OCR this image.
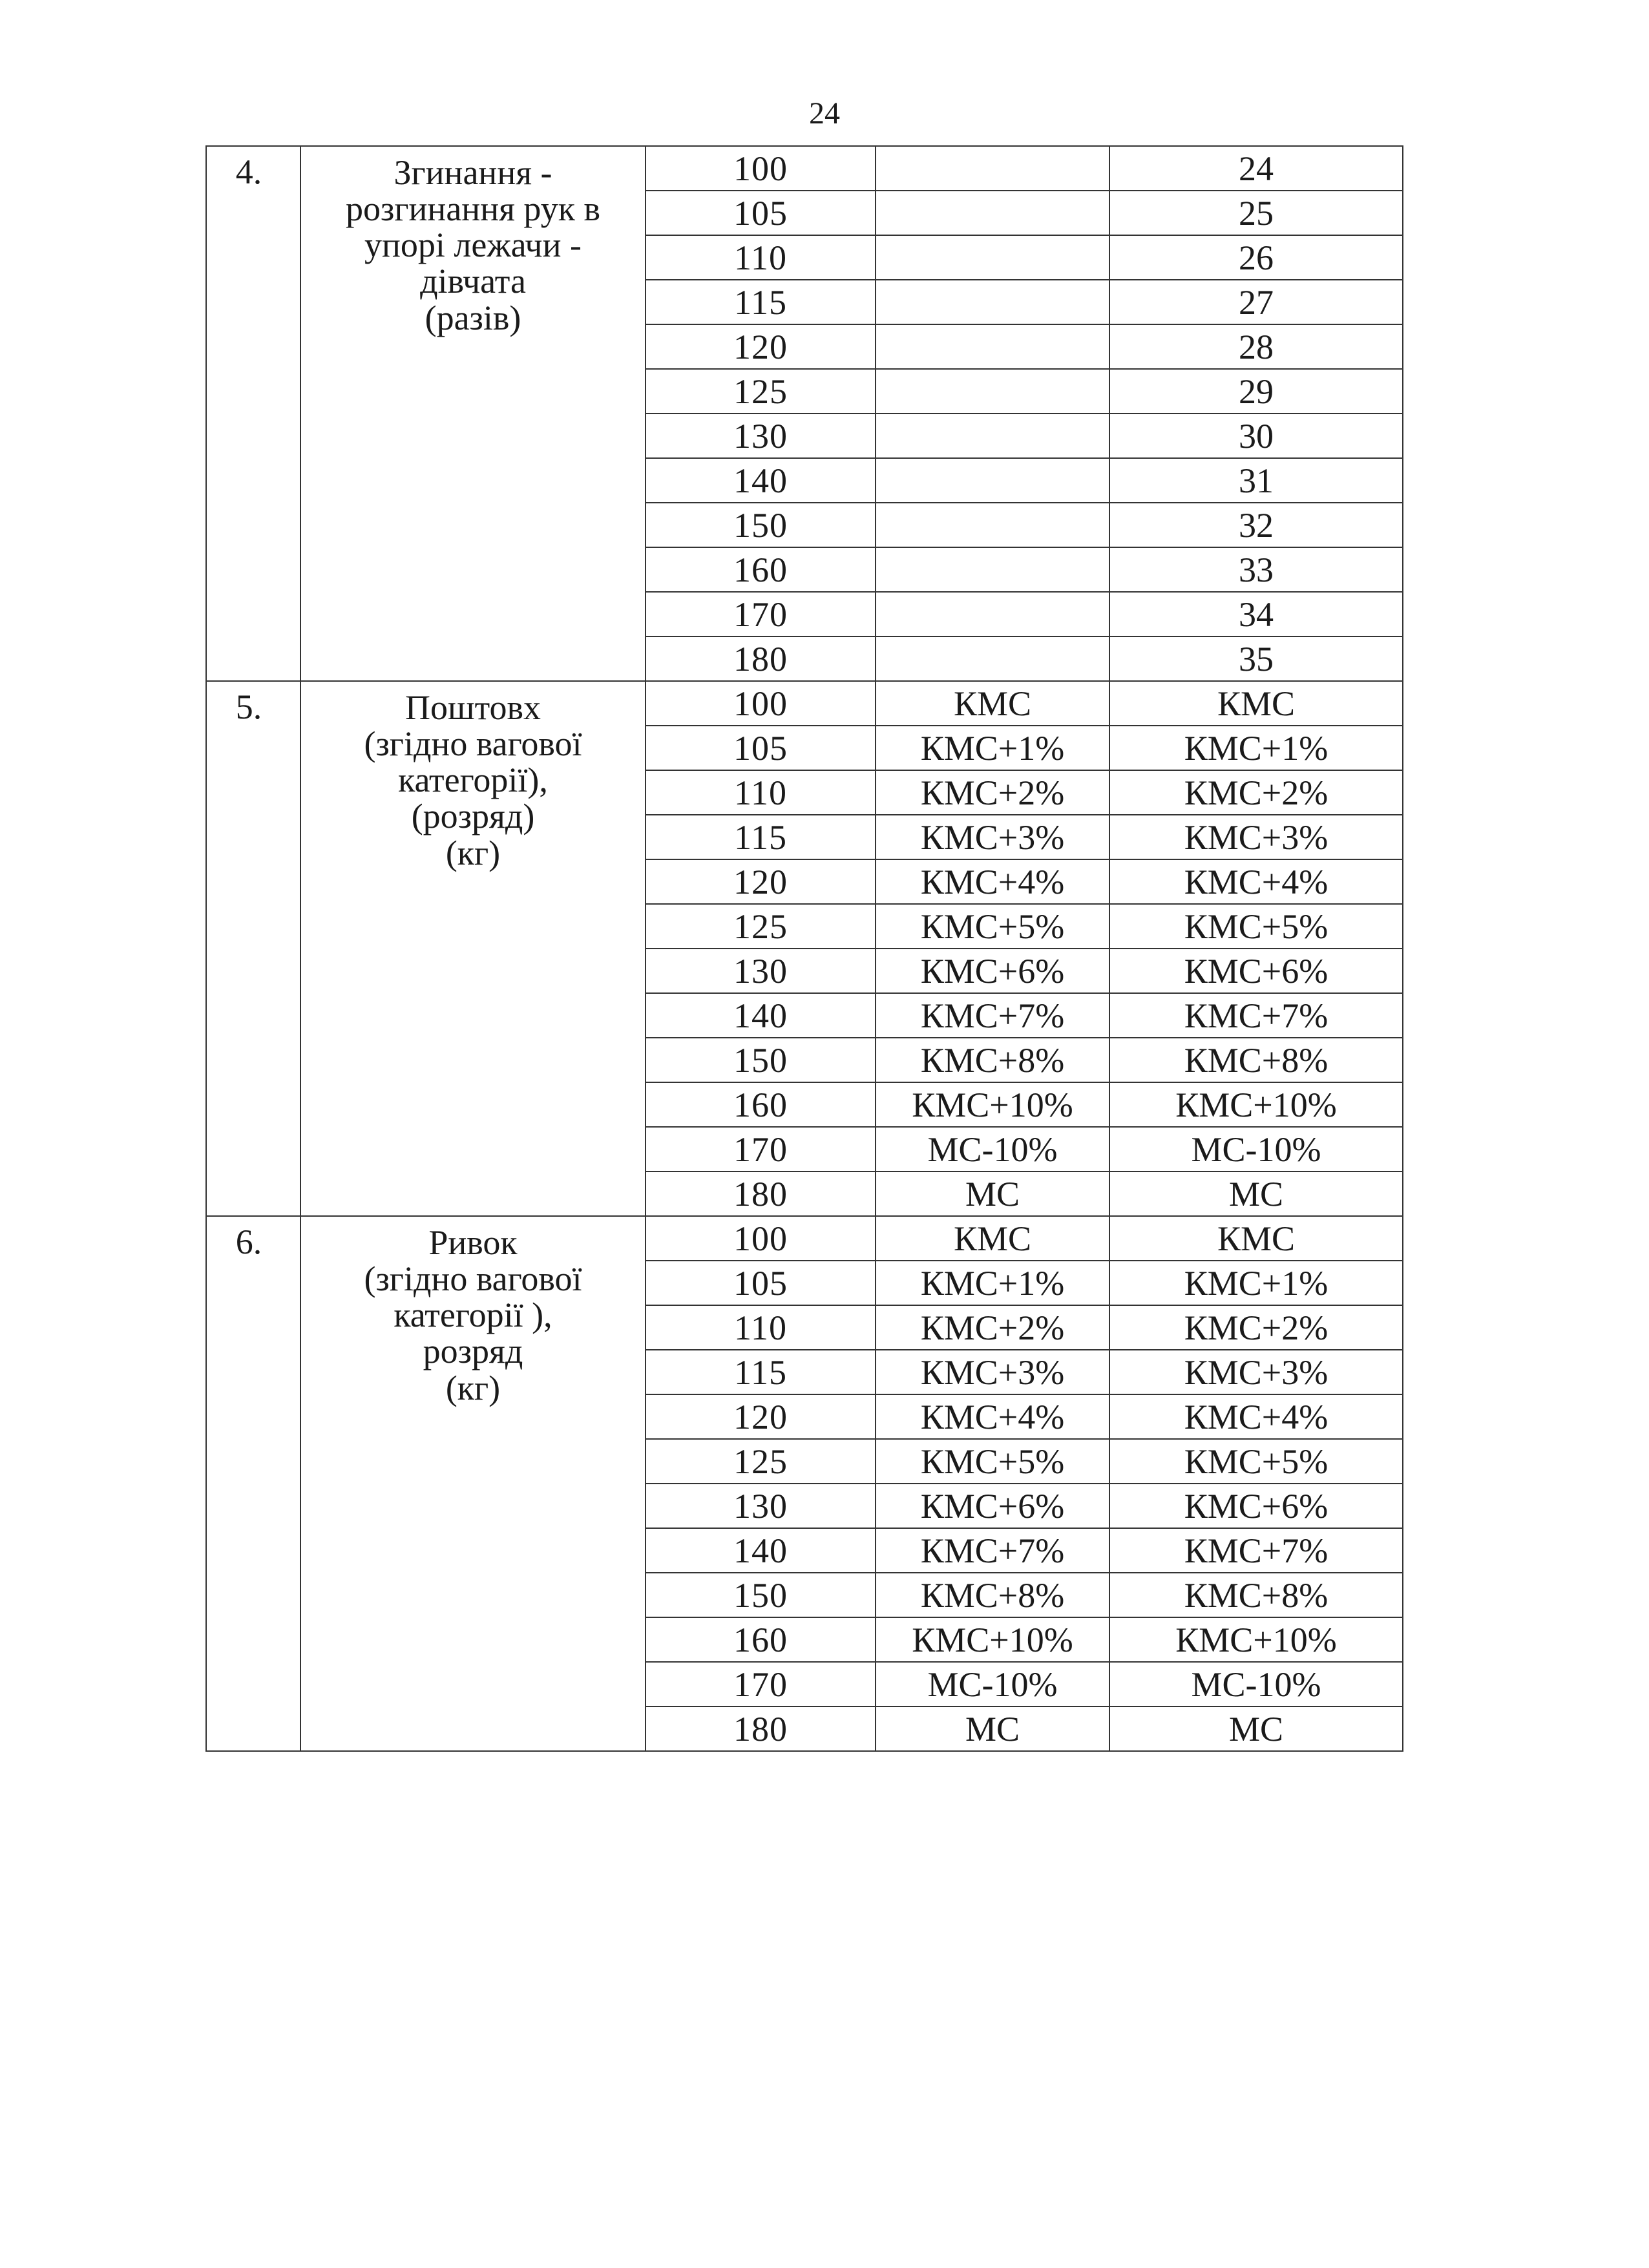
24
4.	Згинання -
розгинання рук в
упорі лежачи -
дівчата
(разів)	100		24
		105		25
		110		26
		115		27
		120		28
		125		29
		130		30
		140		31
		150		32
		160		33
		170		34
		180		35
5.	Поштовх
(згідно вагової
категорії),
(розряд)
(кг)	100	КМС	КМС
		105	КМС+1%	КМС+1%
		110	КМС+2%	КМС+2%
		115	КМС+3%	КМС+3%
		120	КМС+4%	КМС+4%
		125	КМС+5%	КМС+5%
		130	КМС+6%	КМС+6%
		140	КМС+7%	КМС+7%
		150	КМС+8%	КМС+8%
		160	КМС+10%	КМС+10%
		170	МС-10%	МС-10%
		180	МС	МС
6.	Ривок
(згідно вагової
категорії ),
розряд
(кг)	100	КМС	КМС
		105	КМС+1%	КМС+1%
		110	КМС+2%	КМС+2%
		115	КМС+3%	КМС+3%
		120	КМС+4%	КМС+4%
		125	КМС+5%	КМС+5%
		130	КМС+6%	КМС+6%
		140	КМС+7%	КМС+7%
		150	КМС+8%	КМС+8%
		160	КМС+10%	КМС+10%
		170	МС-10%	МС-10%
		180	МС	МС
